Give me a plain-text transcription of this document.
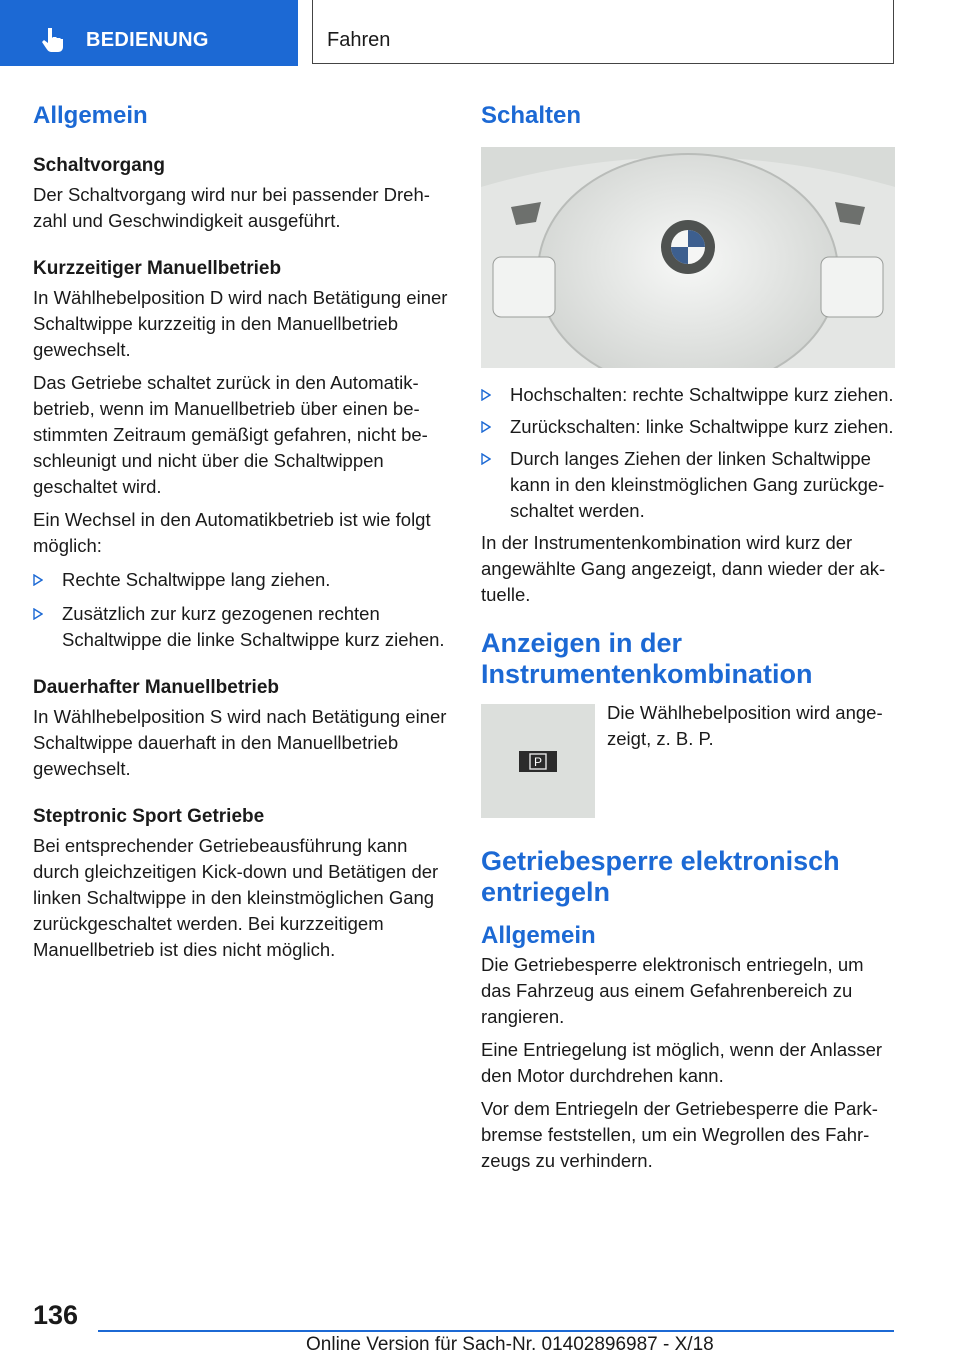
BEDIENUNG	Fahren
Allgemein
Schaltvorgang

Der Schaltvorgang wird nur bei passender Drehzahl und Geschwindigkeit ausgeführt.

Kurzzeitiger Manuellbetrieb

In Wählhebelposition D wird nach Betätigung einer Schaltwippe kurzzeitig in den Manuellbetrieb gewechselt.

Das Getriebe schaltet zurück in den Automatikbetrieb, wenn im Manuellbetrieb über einen bestimmten Zeitraum gemäßigt gefahren, nicht beschleunigt und nicht über die Schaltwippen geschaltet wird.

Ein Wechsel in den Automatikbetrieb ist wie folgt möglich:

Rechte Schaltwippe lang ziehen.
Zusätzlich zur kurz gezogenen rechten Schaltwippe die linke Schaltwippe kurz ziehen.
Dauerhafter Manuellbetrieb

In Wählhebelposition S wird nach Betätigung einer Schaltwippe dauerhaft in den Manuellbetrieb gewechselt.

Steptronic Sport Getriebe

Bei entsprechender Getriebeausführung kann durch gleichzeitigen Kick-down und Betätigen der linken Schaltwippe in den kleinstmöglichen Gang zurückgeschaltet werden. Bei kurzzeitigem Manuellbetrieb ist dies nicht möglich.

Schalten
Hochschalten: rechte Schaltwippe kurz ziehen.
Zurückschalten: linke Schaltwippe kurz ziehen.
Durch langes Ziehen der linken Schaltwippe kann in den kleinstmöglichen Gang zurückgeschaltet werden.

In der Instrumentenkombination wird kurz der angewählte Gang angezeigt, dann wieder der aktuelle.

Anzeigen in der Instrumentenkombination
P

Die Wählhebelposition wird angezeigt, z. B. P.

Getriebesperre elektronisch entriegeln
Allgemein

Die Getriebesperre elektronisch entriegeln, um das Fahrzeug aus einem Gefahrenbereich zu rangieren.

Eine Entriegelung ist möglich, wenn der Anlasser den Motor durchdrehen kann.

Vor dem Entriegeln der Getriebesperre die Parkbremse feststellen, um ein Wegrollen des Fahrzeugs zu verhindern.

136
Online Version für Sach-Nr. 01402896987 - X/18
